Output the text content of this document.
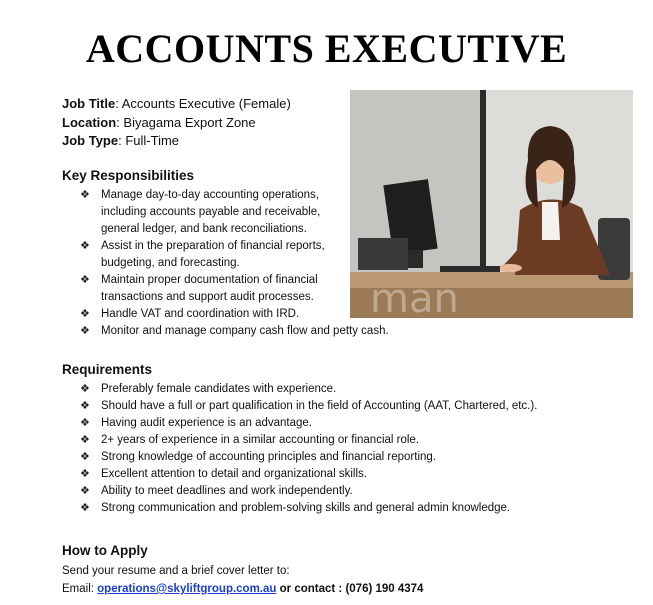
ACCOUNTS EXECUTIVE
Job Title: Accounts Executive (Female)
Location: Biyagama Export Zone
Job Type: Full-Time
man
Key Responsibilities
❖ Manage day-to-day accounting operations, including accounts payable and receivable, general ledger, and bank reconciliations.
❖ Assist in the preparation of financial reports, budgeting, and forecasting.
❖ Maintain proper documentation of financial transactions and support audit processes.
❖ Handle VAT and coordination with IRD.
❖ Monitor and manage company cash flow and petty cash.
Requirements
❖ Preferably female candidates with experience.
❖ Should have a full or part qualification in the field of Accounting (AAT, Chartered, etc.).
❖ Having audit experience is an advantage.
❖ 2+ years of experience in a similar accounting or financial role.
❖ Strong knowledge of accounting principles and financial reporting.
❖ Excellent attention to detail and organizational skills.
❖ Ability to meet deadlines and work independently.
❖ Strong communication and problem-solving skills and general admin knowledge.
How to Apply
Send your resume and a brief cover letter to:
Email: operations@skyliftgroup.com.au or contact : (076) 190 4374
